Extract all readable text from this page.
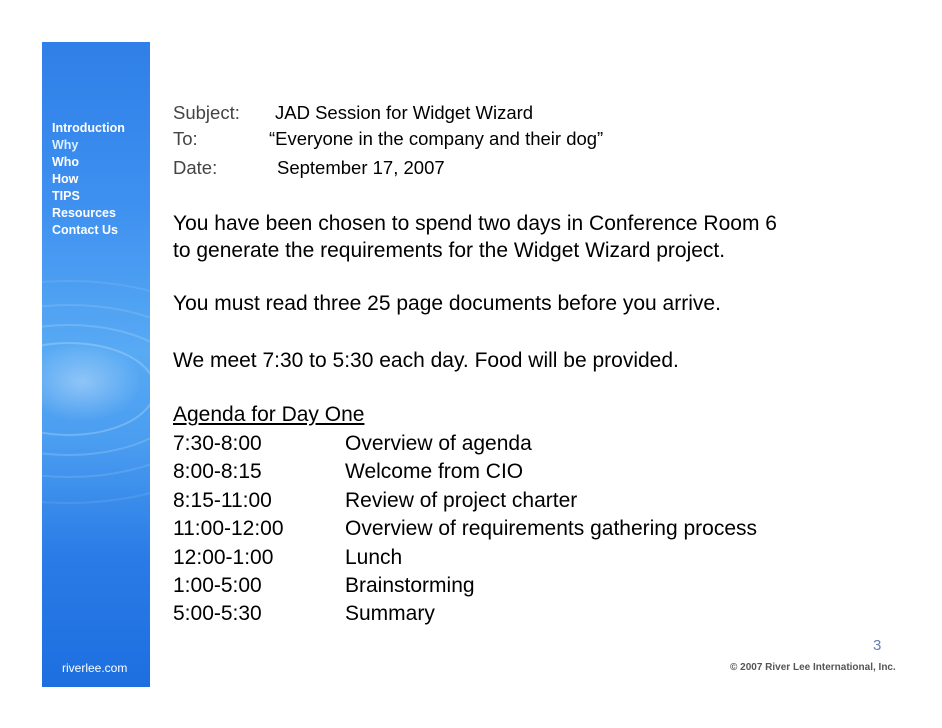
Introduction
Why
Who
How
TIPS
Resources
Contact Us
riverlee.com
Subject: JAD Session for Widget Wizard
To:	“Everyone in the company and their dog”
Date:	September 17, 2007
You have been chosen to spend two days in Conference Room 6
to generate the requirements for the Widget Wizard project.
You must read three 25 page documents before you arrive.
We meet 7:30 to 5:30 each day. Food will be provided.
Agenda for Day One
7:30-8:00	Overview of agenda
8:00-8:15	Welcome from CIO
8:15-11:00	Review of project charter
11:00-12:00	Overview of requirements gathering process
12:00-1:00	Lunch
1:00-5:00	Brainstorming
5:00-5:30	Summary
3
© 2007 River Lee International, Inc.
